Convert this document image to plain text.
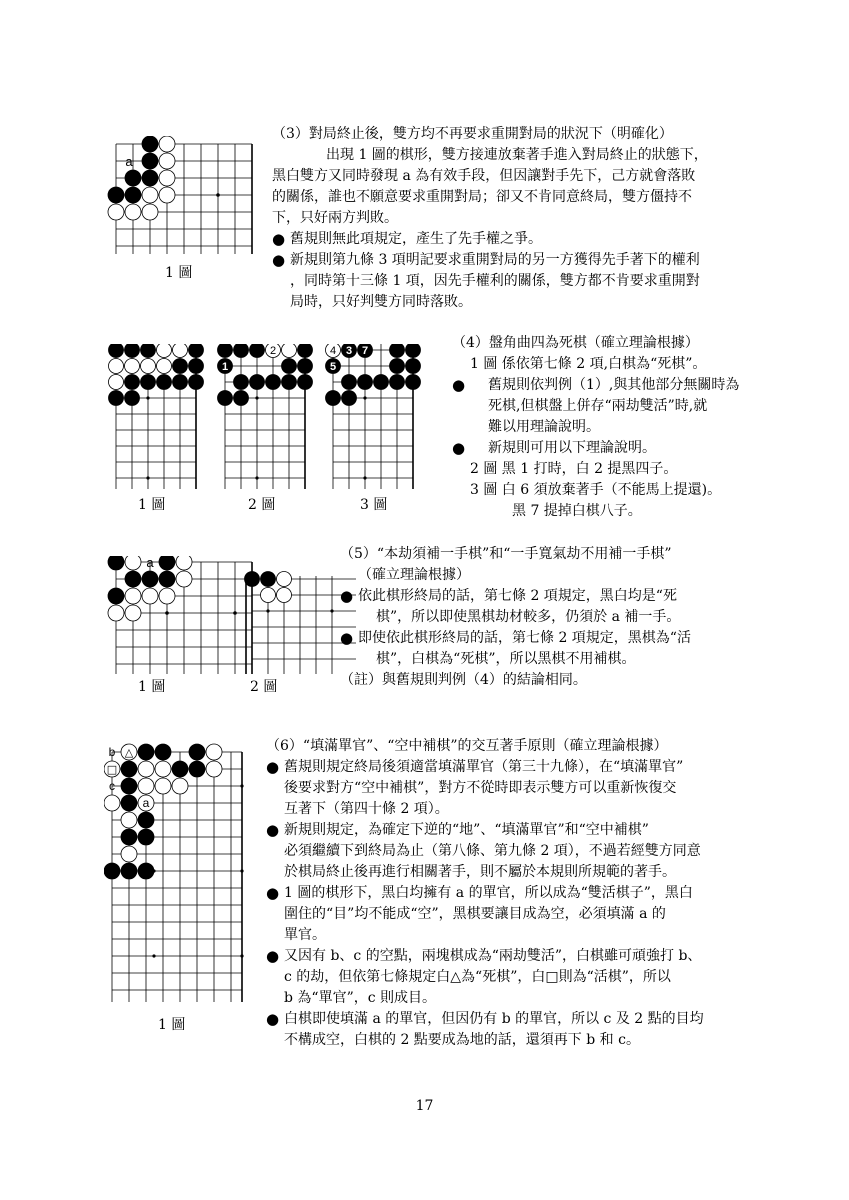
a
1 圖

（3）對局終止後，雙方均不再要求重開對局的狀況下（明確化）

出現 1 圖的棋形，雙方接連放棄著手進入對局終止的狀態下，

黑白雙方又同時發現 a 為有效手段，但因讓對手先下，己方就會落敗

的關係，誰也不願意要求重開對局；卻又不肯同意終局，雙方僵持不

下，只好兩方判敗。

● 舊規則無此項規定，產生了先手權之爭。

● 新規則第九條 3 項明記要求重開對局的另一方獲得先手著下的權利

，同時第十三條 1 項，因先手權利的關係，雙方都不肯要求重開對

局時，只好判雙方同時落敗。

1 圖
1
2
2 圖
4 3 7
5
3 圖

（4）盤角曲四為死棋（確立理論根據）

1 圖 係依第七條 2 項,白棋為“死棋”。

●	舊規則依判例（1）,與其他部分無關時為

死棋,但棋盤上併存“兩劫雙活”時,就

難以用理論說明。

●	新規則可用以下理論說明。

2 圖 黑 1 打時，白 2 提黑四子。

3 圖 白 6 須放棄著手（不能馬上提還)。

黑 7 提掉白棋八子。

a
1 圖	2 圖

（5）“本劫須補一手棋”和“一手寬氣劫不用補一手棋”

（確立理論根據）

● 依此棋形終局的話，第七條 2 項規定，黑白均是“死

棋”，所以即使黑棋劫材較多，仍須於 a 補一手。

● 即使依此棋形終局的話，第七條 2 項規定，黑棋為“活

棋”，白棋為“死棋”，所以黑棋不用補棋。

（註）與舊規則判例（4）的結論相同。

b
c
a
△
□
1 圖

（6）“填滿單官”、“空中補棋”的交互著手原則（確立理論根據）

● 舊規則規定終局後須適當填滿單官（第三十九條），在“填滿單官”

後要求對方“空中補棋”，對方不從時即表示雙方可以重新恢復交

互著下（第四十條 2 項）。

● 新規則規定，為確定下逆的“地”、“填滿單官”和“空中補棋”

必須繼續下到終局為止（第八條、第九條 2 項），不過若經雙方同意

於棋局終止後再進行相關著手，則不屬於本規則所規範的著手。

● 1 圖的棋形下，黑白均擁有 a 的單官，所以成為“雙活棋子”，黑白

圍住的“目”均不能成“空”，黑棋要讓目成為空，必須填滿 a 的

單官。

● 又因有 b、c 的空點，兩塊棋成為“兩劫雙活”，白棋雖可頑強打 b、

c 的劫，但依第七條規定白△為“死棋”，白□則為“活棋”，所以

b 為“單官”，c 則成目。

● 白棋即使填滿 a 的單官，但因仍有 b 的單官，所以 c 及 2 點的目均

不構成空，白棋的 2 點要成為地的話，還須再下 b 和 c。

17
